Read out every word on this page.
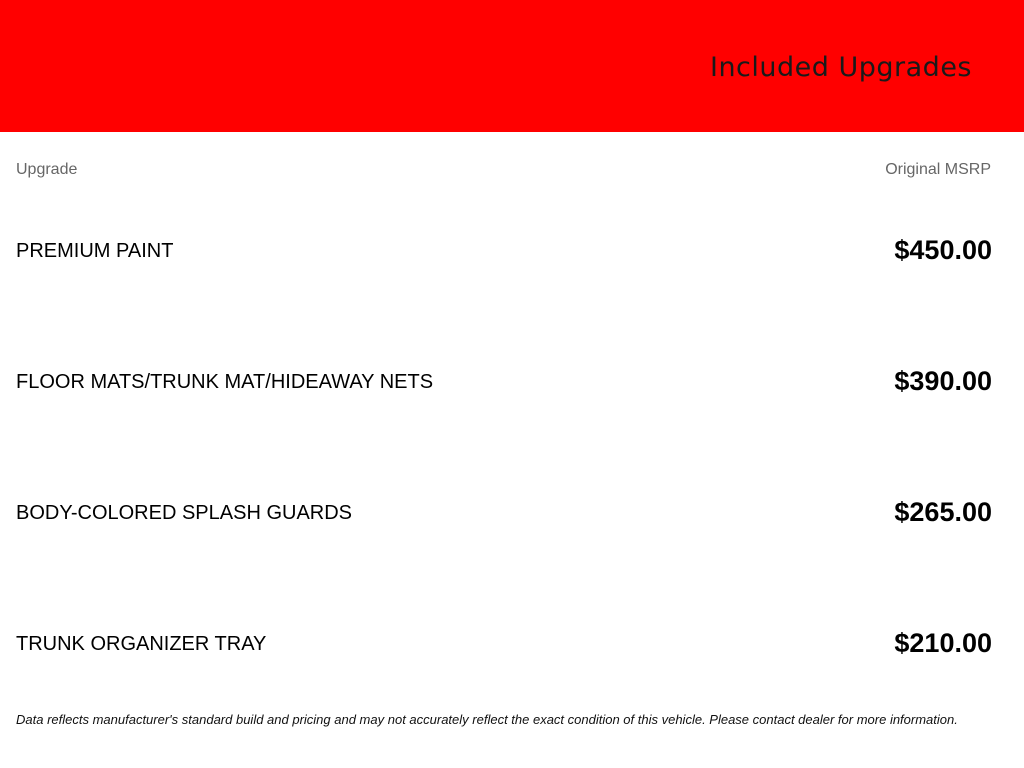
Included Upgrades
Upgrade	Original MSRP
PREMIUM PAINT	$450.00
FLOOR MATS/TRUNK MAT/HIDEAWAY NETS	$390.00
BODY-COLORED SPLASH GUARDS	$265.00
TRUNK ORGANIZER TRAY	$210.00

Data reflects manufacturer's standard build and pricing and may not accurately reflect the exact condition of this vehicle. Please contact dealer for more information.
